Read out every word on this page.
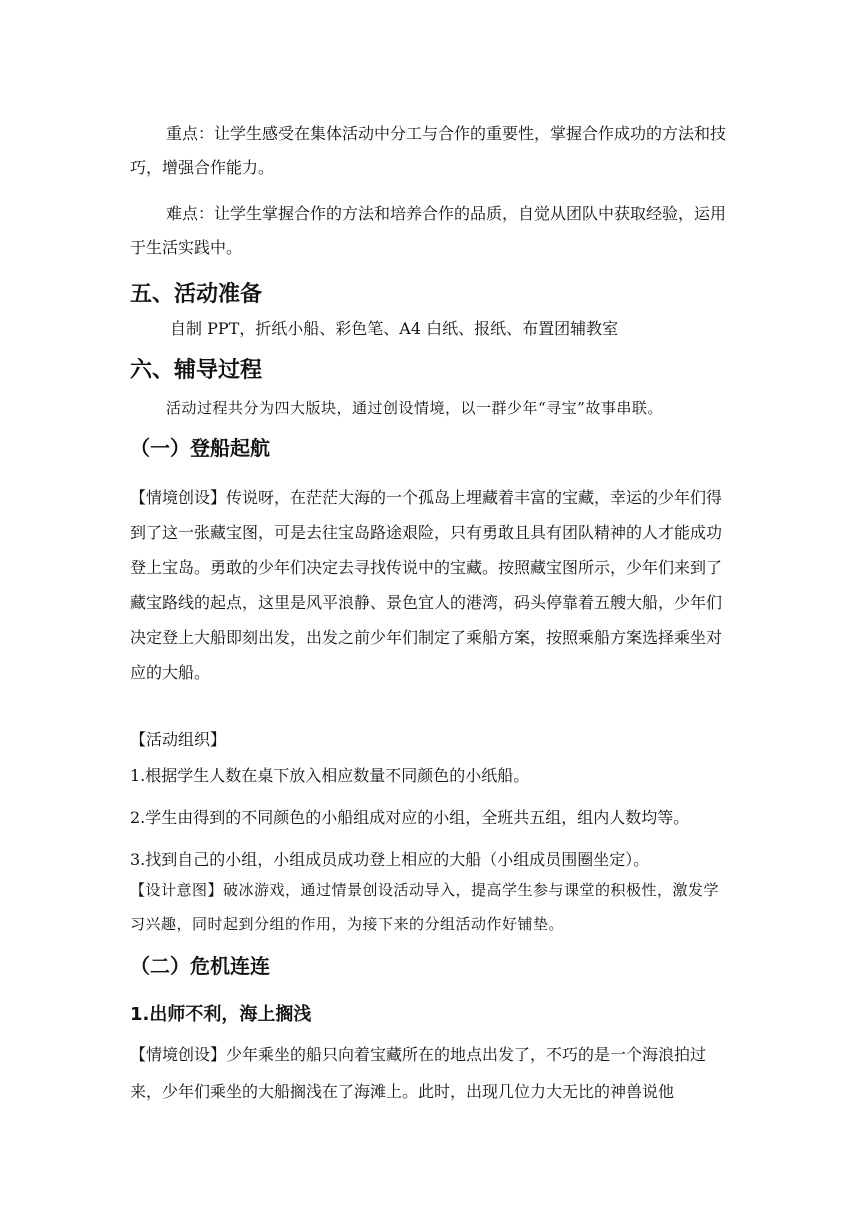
重点：让学生感受在集体活动中分工与合作的重要性，掌握合作成功的方法和技巧，增强合作能力。

难点：让学生掌握合作的方法和培养合作的品质，自觉从团队中获取经验，运用于生活实践中。

五、活动准备

自制 PPT，折纸小船、彩色笔、A4 白纸、报纸、布置团辅教室

六、辅导过程

活动过程共分为四大版块，通过创设情境，以一群少年“寻宝”故事串联。

（一）登船起航

【情境创设】传说呀，在茫茫大海的一个孤岛上埋藏着丰富的宝藏，幸运的少年们得到了这一张藏宝图，可是去往宝岛路途艰险，只有勇敢且具有团队精神的人才能成功登上宝岛。勇敢的少年们决定去寻找传说中的宝藏。按照藏宝图所示，少年们来到了藏宝路线的起点，这里是风平浪静、景色宜人的港湾，码头停靠着五艘大船，少年们决定登上大船即刻出发，出发之前少年们制定了乘船方案，按照乘船方案选择乘坐对应的大船。

【活动组织】

1.根据学生人数在桌下放入相应数量不同颜色的小纸船。

2.学生由得到的不同颜色的小船组成对应的小组，全班共五组，组内人数均等。

3.找到自己的小组，小组成员成功登上相应的大船（小组成员围圈坐定）。

【设计意图】破冰游戏，通过情景创设活动导入，提高学生参与课堂的积极性，激发学习兴趣，同时起到分组的作用，为接下来的分组活动作好铺垫。

（二）危机连连
1.出师不利，海上搁浅

【情境创设】少年乘坐的船只向着宝藏所在的地点出发了，不巧的是一个海浪拍过来，少年们乘坐的大船搁浅在了海滩上。此时，出现几位力大无比的神兽说他
